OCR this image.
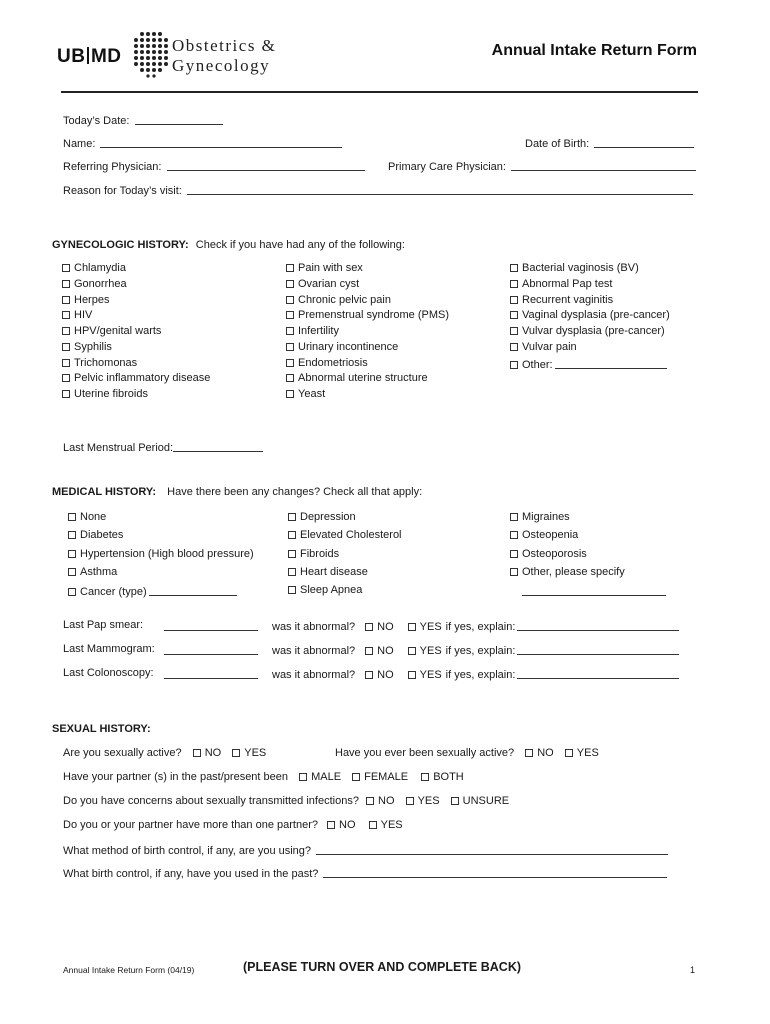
UB MD
Obstetrics &
Gynecology
Annual Intake Return Form
Today’s Date:
Name:	Date of Birth:
Referring Physician:	Primary Care Physician:
Reason for Today’s visit:
GYNECOLOGIC HISTORY: Check if you have had any of the following:
Chlamydia
Gonorrhea
Herpes
HIV
HPV/genital warts
Syphilis
Trichomonas
Pelvic inflammatory disease
Uterine fibroids
Pain with sex
Ovarian cyst
Chronic pelvic pain
Premenstrual syndrome (PMS)
Infertility
Urinary incontinence
Endometriosis
Abnormal uterine structure
Yeast
Bacterial vaginosis (BV)
Abnormal Pap test
Recurrent vaginitis
Vaginal dysplasia (pre-cancer)
Vulvar dysplasia (pre-cancer)
Vulvar pain
Other:
Last Menstrual Period:
MEDICAL HISTORY: Have there been any changes? Check all that apply:
None
Diabetes
Hypertension (High blood pressure)
Asthma
Cancer (type)
Depression
Elevated Cholesterol
Fibroids
Heart disease
Sleep Apnea
Migraines
Osteopenia
Osteoporosis
Other, please specify
Last Pap smear:	was it abnormal? NO YES if yes, explain:
Last Mammogram:	was it abnormal? NO YES if yes, explain:
Last Colonoscopy:	was it abnormal? NO YES if yes, explain:
SEXUAL HISTORY:
Are you sexually active? NO YES	Have you ever been sexually active? NO YES
Have your partner (s) in the past/present been MALE FEMALE BOTH
Do you have concerns about sexually transmitted infections? NO YES UNSURE
Do you or your partner have more than one partner? NO YES
What method of birth control, if any, are you using?
What birth control, if any, have you used in the past?
Annual Intake Return Form (04/19)	(PLEASE TURN OVER AND COMPLETE BACK)	1
